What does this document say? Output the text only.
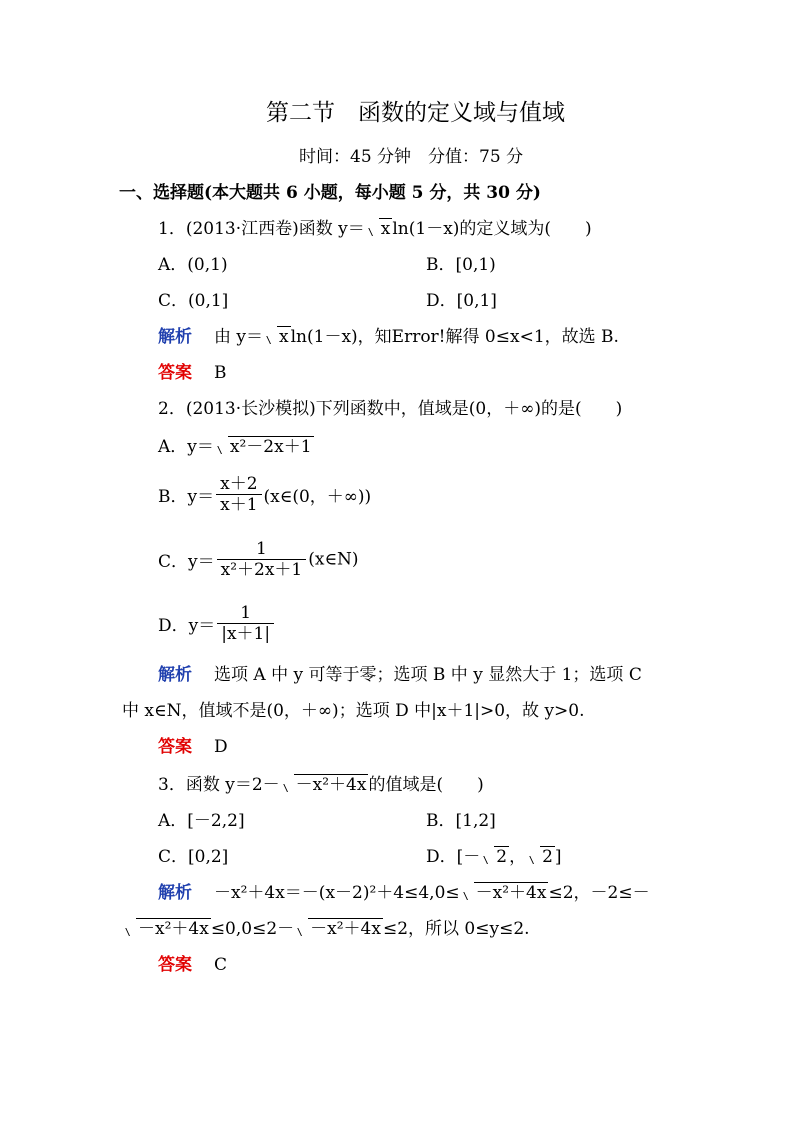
第二节　函数的定义域与值域
时间：45 分钟　分值：75 分
一、选择题(本大题共 6 小题，每小题 5 分，共 30 分)
1．(2013·江西卷)函数 y＝ x ln(1－x)的定义域为(　　)
A．(0,1)	B．[0,1)
C．(0,1]	D．[0,1]
解析 由 y＝ x ln(1－x)，知Error!解得 0≤x<1，故选 B.
答案 B
2．(2013·长沙模拟)下列函数中，值域是(0，＋∞)的是(　　)
A．y＝ x²－2x＋1
B．$y= \frac{x+2}{x+1}$ (x∈(0，＋∞))
C．$y= \frac{1}{\text{x²＋2x＋1}}$ (x∈N)
D．$y= \frac{1}{|x+1|}$
解析 选项 A 中 y 可等于零；选项 B 中 y 显然大于 1；选项 C
中 x∈N，值域不是(0，＋∞)；选项 D 中|x＋1|>0，故 y>0.
答案 D
3．函数 y＝2－ －x²＋4x 的值域是(　　)
A．[－2,2]	B．[1,2]
C．[0,2]	D．[－ 2 ， 2 ]
解析 －x²＋4x＝－(x－2)²＋4≤4,0≤ －x²＋4x ≤2，－2≤－
－x²＋4x ≤0,0≤2－ －x²＋4x ≤2，所以 0≤y≤2.
答案 C
